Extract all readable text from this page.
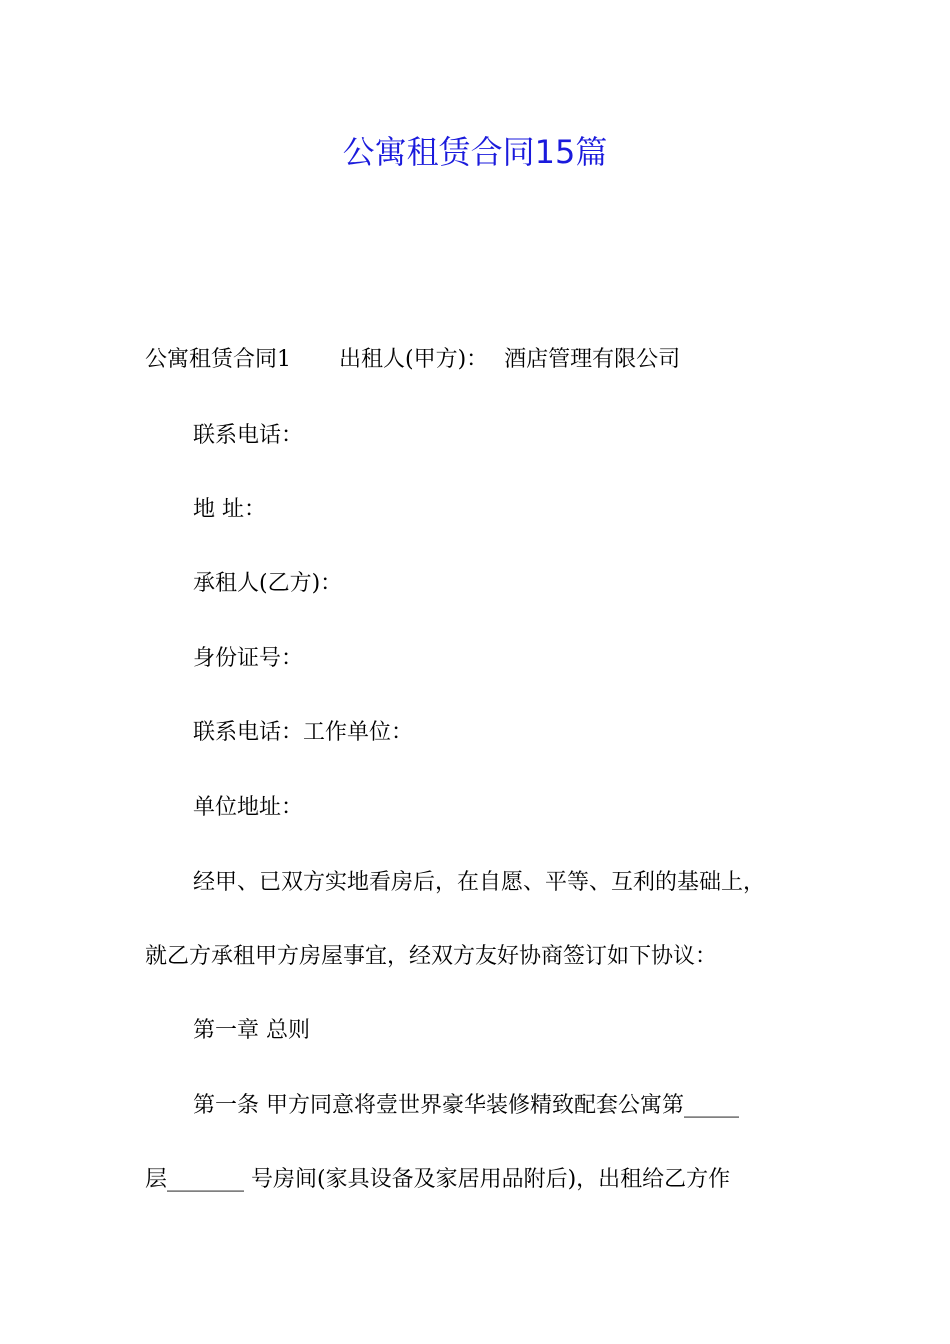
公寓租赁合同15篇
公寓租赁合同1 出租人(甲方)： 酒店管理有限公司
联系电话：
地 址：
承租人(乙方)：
身份证号：
联系电话：工作单位：
单位地址：
经甲、已双方实地看房后，在自愿、平等、互利的基础上，
就乙方承租甲方房屋事宜，经双方友好协商签订如下协议：
第一章 总则
第一条 甲方同意将壹世界豪华装修精致配套公寓第_____
层_______ 号房间(家具设备及家居用品附后)，出租给乙方作
